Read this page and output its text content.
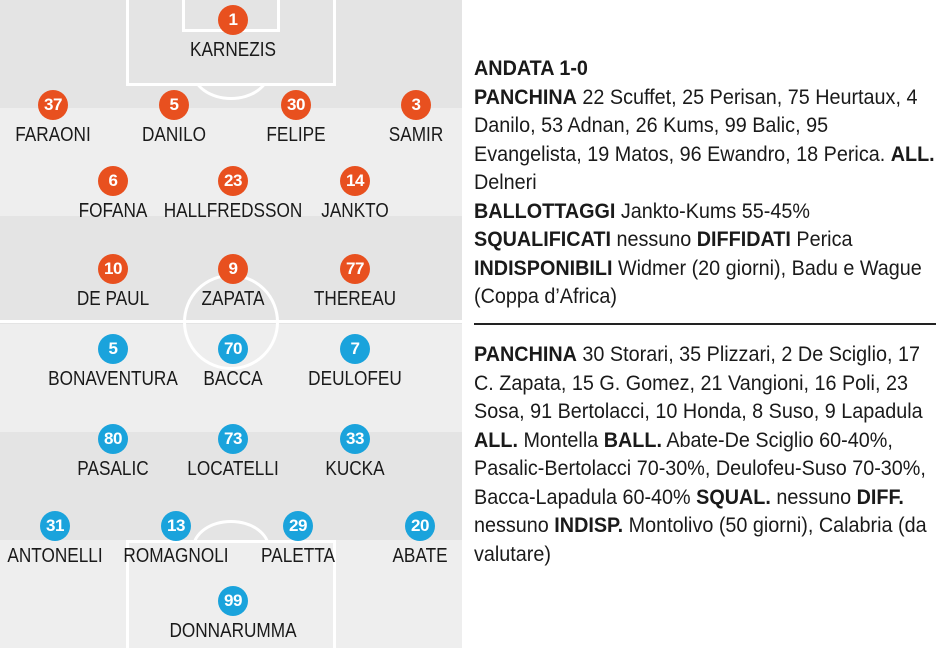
1
KARNEZIS
37
FARAONI
5
DANILO
30
FELIPE
3
SAMIR
6
FOFANA
23
HALLFREDSSON
14
JANKTO
10
DE PAUL
9
ZAPATA
77
THEREAU
5
BONAVENTURA
70
BACCA
7
DEULOFEU
80
PASALIC
73
LOCATELLI
33
KUCKA
31
ANTONELLI
13
ROMAGNOLI
29
PALETTA
20
ABATE
99
DONNARUMMA
ANDATA 1-0
PANCHINA 22 Scuffet, 25 Perisan, 75 Heurtaux, 4 Danilo, 53 Adnan, 26 Kums, 99 Balic, 95 Evangelista, 19 Matos, 96 Ewandro, 18 Perica. ALL. Delneri
BALLOTTAGGI Jankto-Kums 55-45%
SQUALIFICATI nessuno DIFFIDATI Perica INDISPONIBILI Widmer (20 giorni), Badu e Wague (Coppa d’Africa)
PANCHINA 30 Storari, 35 Plizzari, 2 De Sciglio, 17 C. Zapata, 15 G. Gomez, 21 Vangioni, 16 Poli, 23 Sosa, 91 Bertolacci, 10 Honda, 8 Suso, 9 Lapadula ALL. Montella BALL. Abate-De Sciglio 60-40%, Pasalic-Bertolacci 70-30%, Deulofeu-Suso 70-30%, Bacca-Lapadula 60-40% SQUAL. nessuno DIFF. nessuno INDISP. Montolivo (50 giorni), Calabria (da valutare)
